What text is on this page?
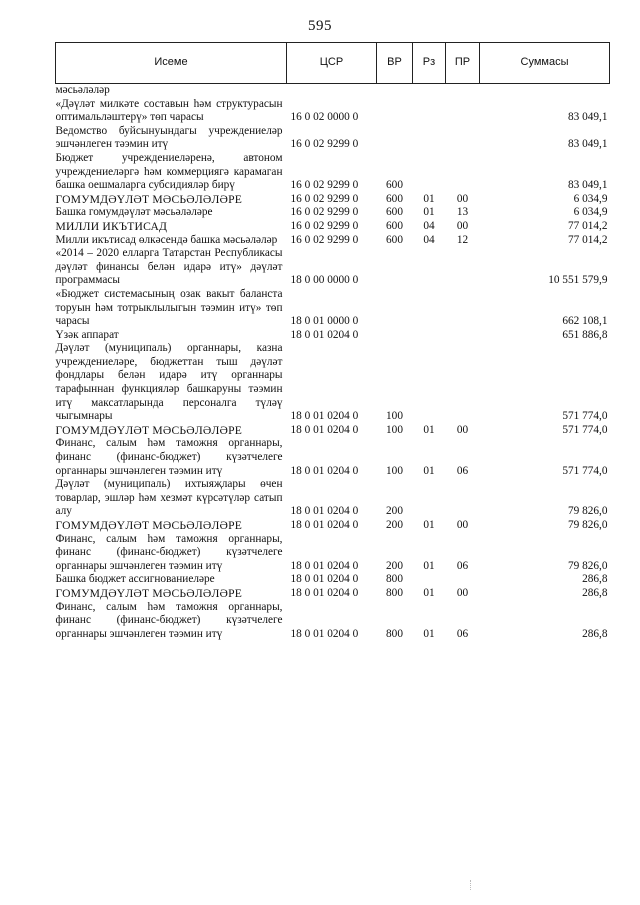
595
Исеме	ЦСР	ВР	Рз	ПР	Суммасы
мәсьәләләр					
«Дәүләт милкәте составын һәм структурасын оптимальләштерү» төп чарасы	16 0 02 0000 0				83 049,1
Ведомство буйсынуындагы учреждениеләр эшчәнлеген тәэмин итү	16 0 02 9299 0				83 049,1
Бюджет учреждениеләренә, автоном учреждениеләргә һәм коммерциягә карамаган башка оешмаларга субсидияләр бирү	16 0 02 9299 0	600			83 049,1
ГОМУМДӘҮЛӘТ МӘСЬӘЛӘЛӘРЕ	16 0 02 9299 0	600	01	00	6 034,9
Башка гомумдәүләт мәсьәләләре	16 0 02 9299 0	600	01	13	6 034,9
МИЛЛИ ИКЪТИСАД	16 0 02 9299 0	600	04	00	77 014,2
Милли икътисад өлкәсендә башка мәсьәләләр	16 0 02 9299 0	600	04	12	77 014,2
«2014 – 2020 елларга Татарстан Республикасы дәүләт финансы белән идарә итү» дәүләт программасы	18 0 00 0000 0				10 551 579,9
«Бюджет системасының озак вакыт баланста торуын һәм тотрыклылыгын тәэмин итү» төп чарасы	18 0 01 0000 0				662 108,1
Үзәк аппарат	18 0 01 0204 0				651 886,8
Дәүләт (муниципаль) органнары, казна учреждениеләре, бюджеттан тыш дәүләт фондлары белән идарә итү органнары тарафыннан функцияләр башкаруны тәэмин итү максатларында персоналга түләү чыгымнары	18 0 01 0204 0	100			571 774,0
ГОМУМДӘҮЛӘТ МӘСЬӘЛӘЛӘРЕ	18 0 01 0204 0	100	01	00	571 774,0
Финанс, салым һәм таможня органнары, финанс (финанс-бюджет) күзәтчелеге органнары эшчәнлеген тәэмин итү	18 0 01 0204 0	100	01	06	571 774,0
Дәүләт (муниципаль) ихтыяҗлары өчен товарлар, эшләр һәм хезмәт күрсәтүләр сатып алу	18 0 01 0204 0	200			79 826,0
ГОМУМДӘҮЛӘТ МӘСЬӘЛӘЛӘРЕ	18 0 01 0204 0	200	01	00	79 826,0
Финанс, салым һәм таможня органнары, финанс (финанс-бюджет) күзәтчелеге органнары эшчәнлеген тәэмин итү	18 0 01 0204 0	200	01	06	79 826,0
Башка бюджет ассигнованиеләре	18 0 01 0204 0	800			286,8
ГОМУМДӘҮЛӘТ МӘСЬӘЛӘЛӘРЕ	18 0 01 0204 0	800	01	00	286,8
Финанс, салым һәм таможня органнары, финанс (финанс-бюджет) күзәтчелеге органнары эшчәнлеген тәэмин итү	18 0 01 0204 0	800	01	06	286,8
